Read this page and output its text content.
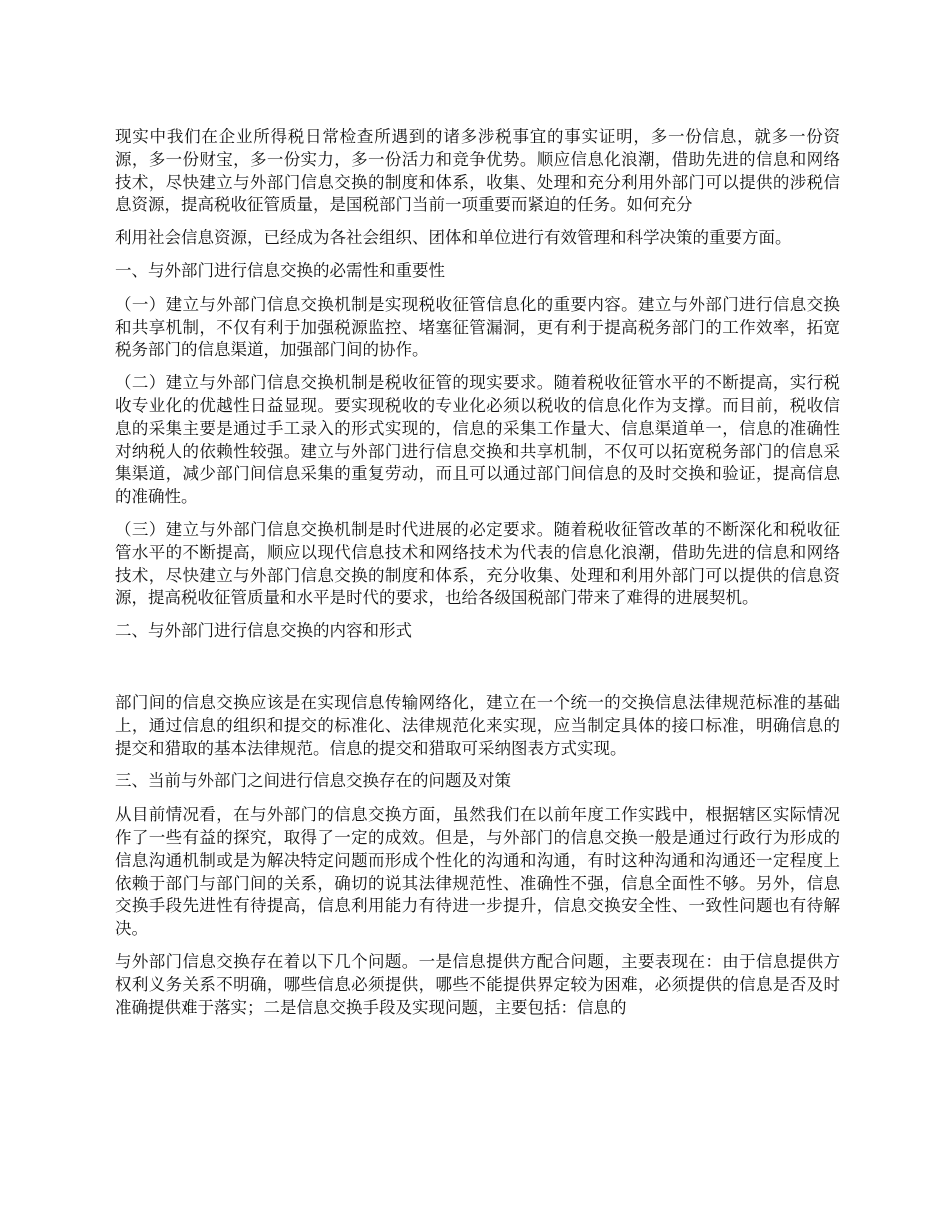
现实中我们在企业所得税日常检查所遇到的诸多涉税事宜的事实证明，多一份信息，就多一份资源，多一份财宝，多一份实力，多一份活力和竞争优势。顺应信息化浪潮，借助先进的信息和网络技术，尽快建立与外部门信息交换的制度和体系，收集、处理和充分利用外部门可以提供的涉税信息资源，提高税收征管质量，是国税部门当前一项重要而紧迫的任务。如何充分

利用社会信息资源，已经成为各社会组织、团体和单位进行有效管理和科学决策的重要方面。

一、与外部门进行信息交换的必需性和重要性

（一）建立与外部门信息交换机制是实现税收征管信息化的重要内容。建立与外部门进行信息交换和共享机制，不仅有利于加强税源监控、堵塞征管漏洞，更有利于提高税务部门的工作效率，拓宽税务部门的信息渠道，加强部门间的协作。

（二）建立与外部门信息交换机制是税收征管的现实要求。随着税收征管水平的不断提高，实行税收专业化的优越性日益显现。要实现税收的专业化必须以税收的信息化作为支撑。而目前，税收信息的采集主要是通过手工录入的形式实现的，信息的采集工作量大、信息渠道单一，信息的准确性对纳税人的依赖性较强。建立与外部门进行信息交换和共享机制，不仅可以拓宽税务部门的信息采集渠道，减少部门间信息采集的重复劳动，而且可以通过部门间信息的及时交换和验证，提高信息的准确性。

（三）建立与外部门信息交换机制是时代进展的必定要求。随着税收征管改革的不断深化和税收征管水平的不断提高，顺应以现代信息技术和网络技术为代表的信息化浪潮，借助先进的信息和网络技术，尽快建立与外部门信息交换的制度和体系，充分收集、处理和利用外部门可以提供的信息资源，提高税收征管质量和水平是时代的要求，也给各级国税部门带来了难得的进展契机。

二、与外部门进行信息交换的内容和形式

部门间的信息交换应该是在实现信息传输网络化，建立在一个统一的交换信息法律规范标准的基础上，通过信息的组织和提交的标准化、法律规范化来实现，应当制定具体的接口标准，明确信息的提交和猎取的基本法律规范。信息的提交和猎取可采纳图表方式实现。

三、当前与外部门之间进行信息交换存在的问题及对策

从目前情况看，在与外部门的信息交换方面，虽然我们在以前年度工作实践中，根据辖区实际情况作了一些有益的探究，取得了一定的成效。但是，与外部门的信息交换一般是通过行政行为形成的信息沟通机制或是为解决特定问题而形成个性化的沟通和沟通，有时这种沟通和沟通还一定程度上依赖于部门与部门间的关系，确切的说其法律规范性、准确性不强，信息全面性不够。另外，信息交换手段先进性有待提高，信息利用能力有待进一步提升，信息交换安全性、一致性问题也有待解决。

与外部门信息交换存在着以下几个问题。一是信息提供方配合问题，主要表现在：由于信息提供方权利义务关系不明确，哪些信息必须提供，哪些不能提供界定较为困难，必须提供的信息是否及时准确提供难于落实；二是信息交换手段及实现问题，主要包括：信息的
